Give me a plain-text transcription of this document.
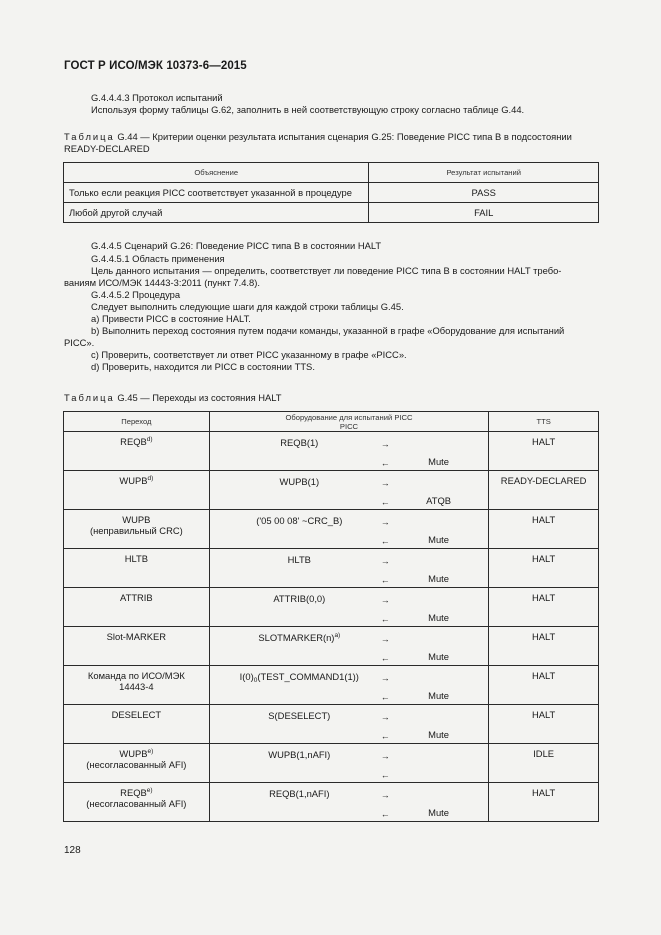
ГОСТ Р ИСО/МЭК 10373-6—2015
G.4.4.4.3 Протокол испытаний
Используя форму таблицы G.62, заполнить в ней соответствующую строку согласно таблице G.44.
Таблица G.44 — Критерии оценки результата испытания сценария G.25: Поведение PICC типа B в подсостоянии
READY-DECLARED
Объяснение	Результат испытаний
Только если реакция PICC соответствует указанной в процедуре	PASS
Любой другой случай	FAIL
G.4.4.5 Сценарий G.26: Поведение PICC типа B в состоянии HALT
G.4.4.5.1 Область применения
Цель данного испытания — определить, соответствует ли поведение PICC типа B в состоянии HALT требо-
ваниям ИСО/МЭК 14443-3:2011 (пункт 7.4.8).
G.4.4.5.2 Процедура
Следует выполнить следующие шаги для каждой строки таблицы G.45.
a) Привести PICC в состояние HALT.
b) Выполнить переход состояния путем подачи команды, указанной в графе «Оборудование для испытаний
PICC».
c) Проверить, соответствует ли ответ PICC указанному в графе «PICC».
d) Проверить, находится ли PICC в состоянии TTS.
Таблица G.45 — Переходы из состояния HALT
Переход	Оборудование для испытаний PICCPICC		TTS
REQB$^{d)}$	REQB(1) →
←	Mute	HALT
WUPB$^{d)}$	WUPB(1) →
←	ATQB	READY-DECLARED
WUPB
(неправильный CRC)	('05 00 08' ~CRC_B) →
←	Mute	HALT
HLTB	HLTB →
←	Mute	HALT
ATTRIB	ATTRIB(0,0) →
←	Mute	HALT
Slot-MARKER	$SLOTMARKER(n)^{a)}$ →
←	Mute	HALT
Команда по ИСО/МЭК
14443-4	$I(0)_0(TEST\_COMMAND1(1))$ →
←	Mute	HALT
DESELECT	S(DESELECT) →
←	Mute	HALT
WUPB$^{e)}$
(несогласованный AFI)	WUPB(1,nAFI) →
←		IDLE
REQB$^{e)}$
(несогласованный AFI)	REQB(1,nAFI) →
←	Mute	HALT
128
